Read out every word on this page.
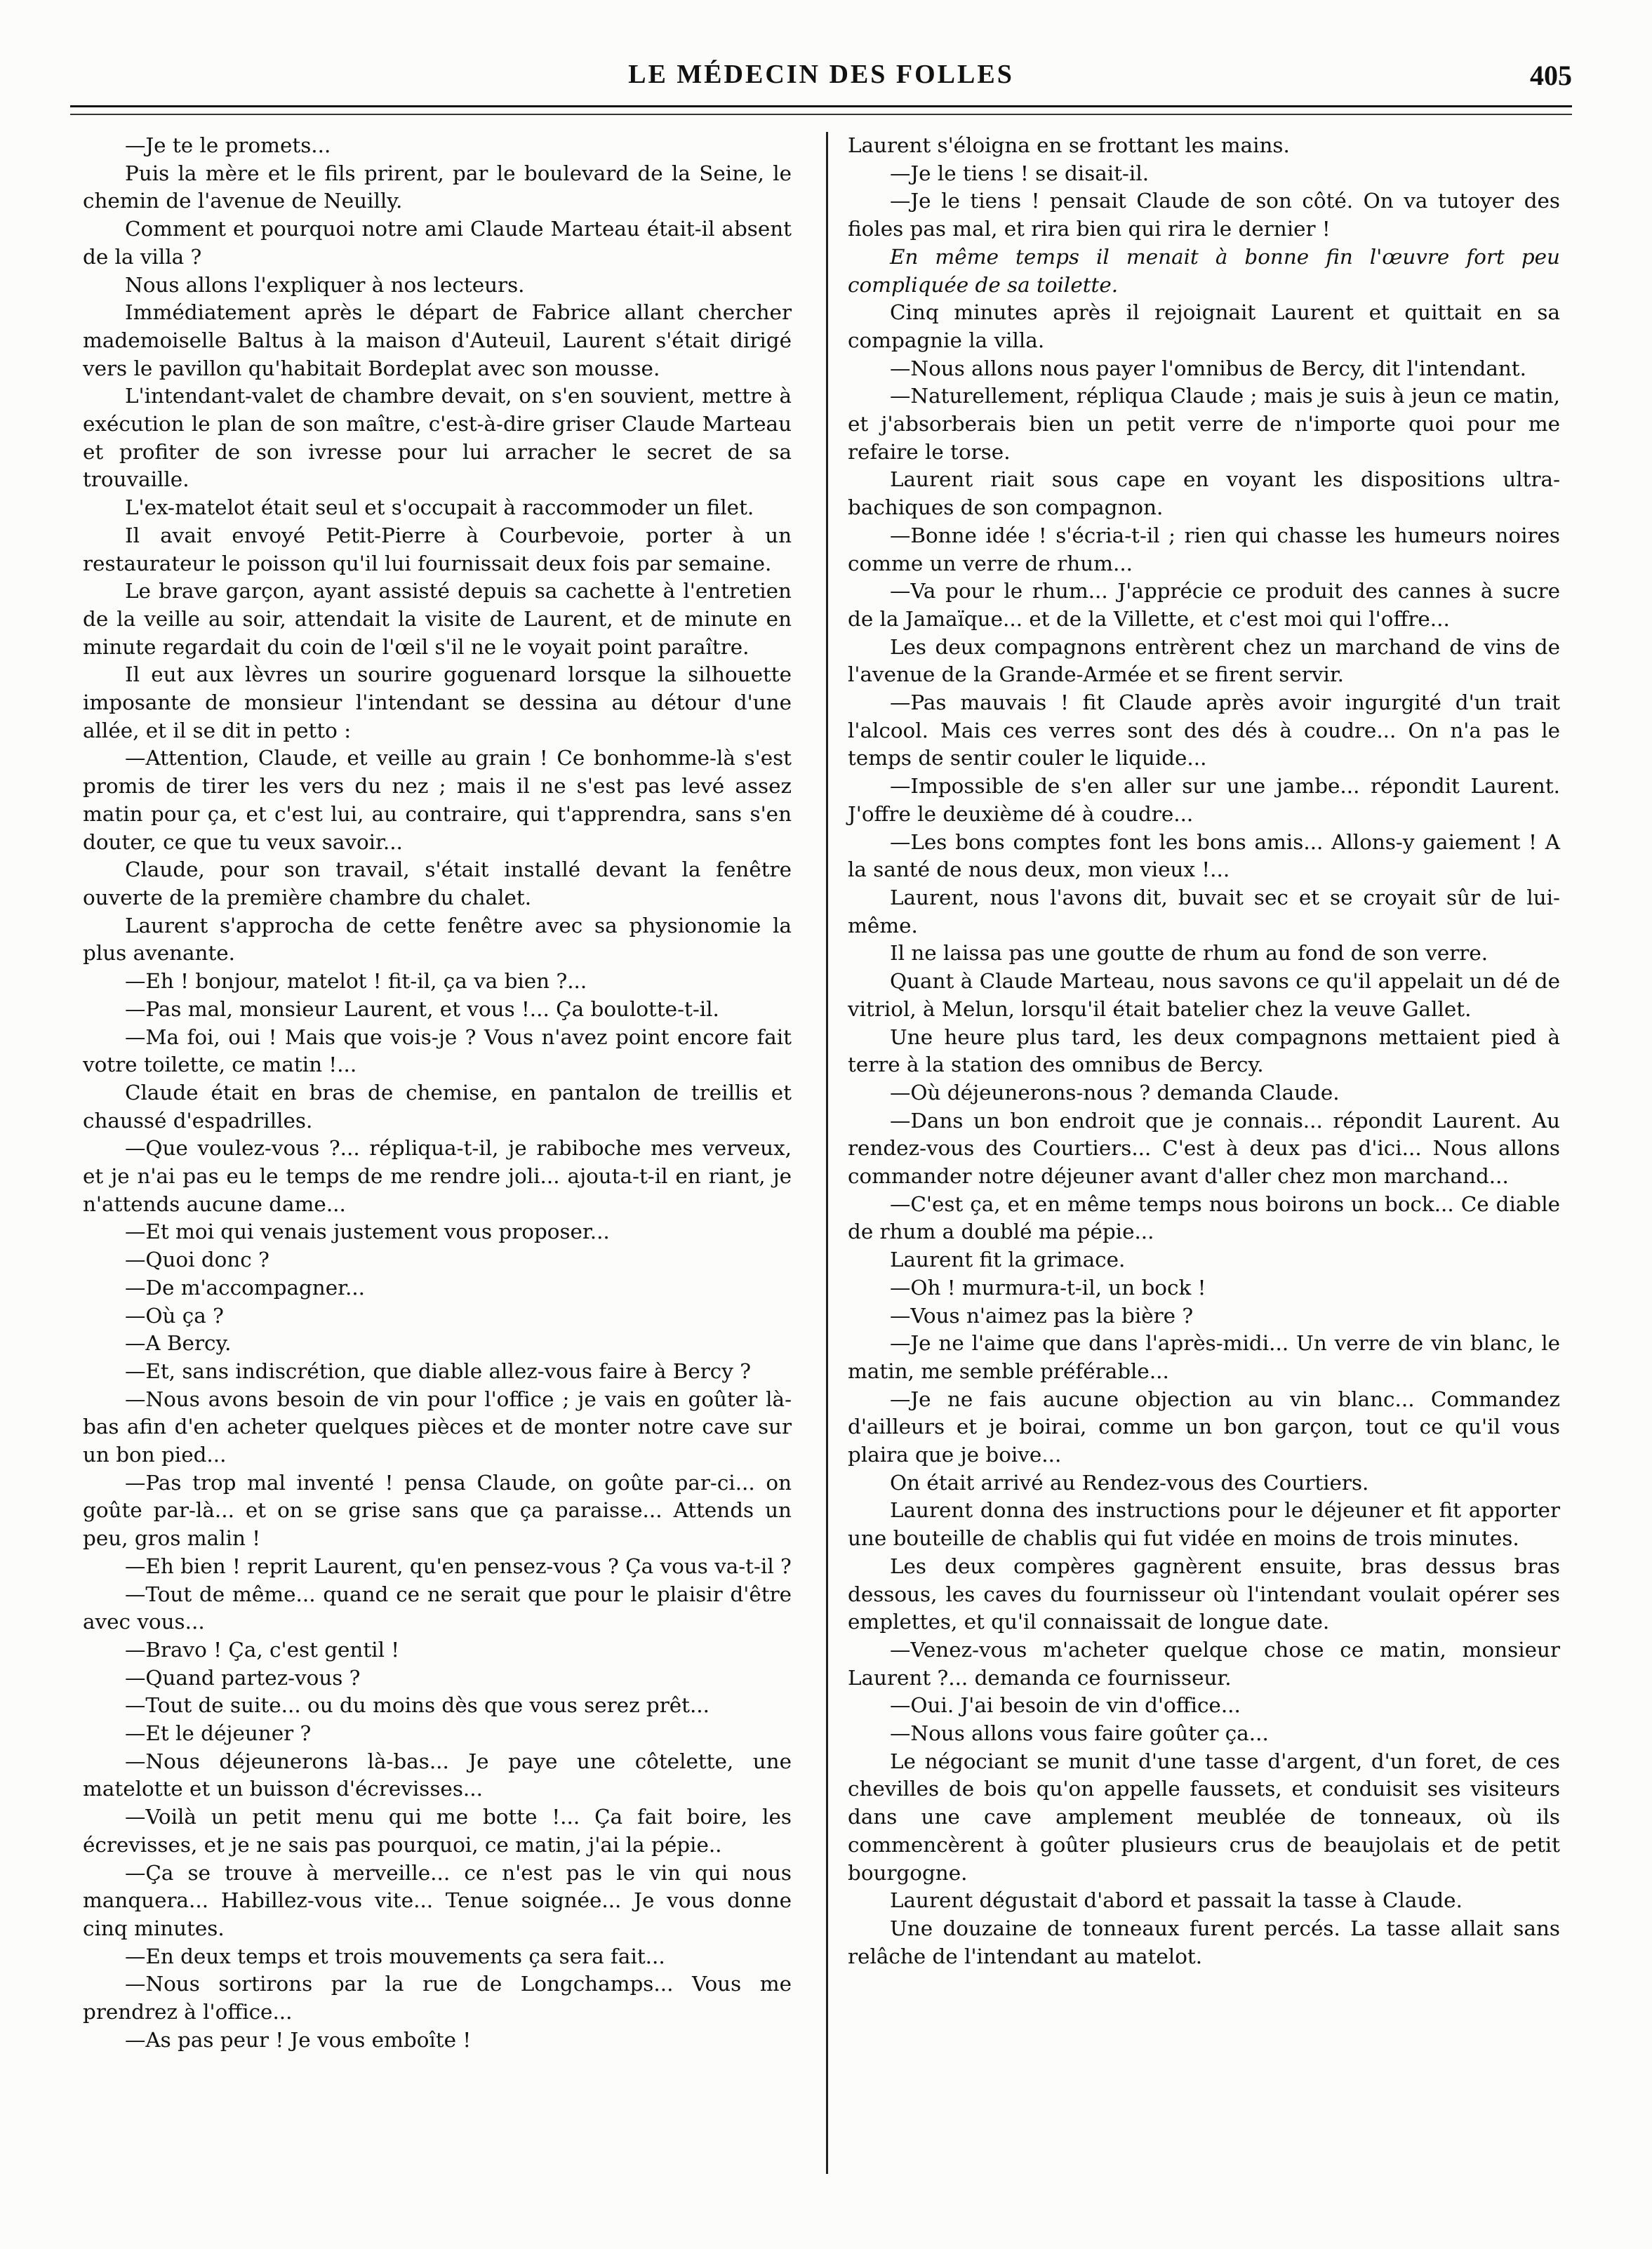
LE MÉDECIN DES FOLLES	405

—Je te le promets...

Puis la mère et le fils prirent, par le boulevard de la Seine, le chemin de l'avenue de Neuilly.

Comment et pourquoi notre ami Claude Marteau était-il absent de la villa ?

Nous allons l'expliquer à nos lecteurs.

Immédiatement après le départ de Fabrice allant chercher mademoiselle Baltus à la maison d'Auteuil, Laurent s'était dirigé vers le pavillon qu'habitait Bordeplat avec son mousse.

L'intendant-valet de chambre devait, on s'en souvient, mettre à exécution le plan de son maître, c'est-à-dire griser Claude Marteau et profiter de son ivresse pour lui arracher le secret de sa trouvaille.

L'ex-matelot était seul et s'occupait à raccommoder un filet.

Il avait envoyé Petit-Pierre à Courbevoie, porter à un restaurateur le poisson qu'il lui fournissait deux fois par semaine.

Le brave garçon, ayant assisté depuis sa cachette à l'entretien de la veille au soir, attendait la visite de Laurent, et de minute en minute regardait du coin de l'œil s'il ne le voyait point paraître.

Il eut aux lèvres un sourire goguenard lorsque la silhouette imposante de monsieur l'intendant se dessina au détour d'une allée, et il se dit in petto :

—Attention, Claude, et veille au grain ! Ce bonhomme-là s'est promis de tirer les vers du nez ; mais il ne s'est pas levé assez matin pour ça, et c'est lui, au contraire, qui t'apprendra, sans s'en douter, ce que tu veux savoir...

Claude, pour son travail, s'était installé devant la fenêtre ouverte de la première chambre du chalet.

Laurent s'approcha de cette fenêtre avec sa physionomie la plus avenante.

—Eh ! bonjour, matelot ! fit-il, ça va bien ?...

—Pas mal, monsieur Laurent, et vous !... Ça boulotte-t-il.

—Ma foi, oui ! Mais que vois-je ? Vous n'avez point encore fait votre toilette, ce matin !...

Claude était en bras de chemise, en pantalon de treillis et chaussé d'espadrilles.

—Que voulez-vous ?... répliqua-t-il, je rabiboche mes verveux, et je n'ai pas eu le temps de me rendre joli... ajouta-t-il en riant, je n'attends aucune dame...

—Et moi qui venais justement vous proposer...

—Quoi donc ?

—De m'accompagner...

—Où ça ?

—A Bercy.

—Et, sans indiscrétion, que diable allez-vous faire à Bercy ?

—Nous avons besoin de vin pour l'office ; je vais en goûter là-bas afin d'en acheter quelques pièces et de monter notre cave sur un bon pied...

—Pas trop mal inventé ! pensa Claude, on goûte par-ci... on goûte par-là... et on se grise sans que ça paraisse... Attends un peu, gros malin !

—Eh bien ! reprit Laurent, qu'en pensez-vous ? Ça vous va-t-il ?

—Tout de même... quand ce ne serait que pour le plaisir d'être avec vous...

—Bravo ! Ça, c'est gentil !

—Quand partez-vous ?

—Tout de suite... ou du moins dès que vous serez prêt...

—Et le déjeuner ?

—Nous déjeunerons là-bas... Je paye une côtelette, une matelotte et un buisson d'écrevisses...

—Voilà un petit menu qui me botte !... Ça fait boire, les écrevisses, et je ne sais pas pourquoi, ce matin, j'ai la pépie..

—Ça se trouve à merveille... ce n'est pas le vin qui nous manquera... Habillez-vous vite... Tenue soignée... Je vous donne cinq minutes.

—En deux temps et trois mouvements ça sera fait...

—Nous sortirons par la rue de Longchamps... Vous me prendrez à l'office...

—As pas peur ! Je vous emboîte !

Laurent s'éloigna en se frottant les mains.

—Je le tiens ! se disait-il.

—Je le tiens ! pensait Claude de son côté. On va tutoyer des fioles pas mal, et rira bien qui rira le dernier !

En même temps il menait à bonne fin l'œuvre fort peu compliquée de sa toilette.

Cinq minutes après il rejoignait Laurent et quittait en sa compagnie la villa.

—Nous allons nous payer l'omnibus de Bercy, dit l'intendant.

—Naturellement, répliqua Claude ; mais je suis à jeun ce matin, et j'absorberais bien un petit verre de n'importe quoi pour me refaire le torse.

Laurent riait sous cape en voyant les dispositions ultra-bachiques de son compagnon.

—Bonne idée ! s'écria-t-il ; rien qui chasse les humeurs noires comme un verre de rhum...

—Va pour le rhum... J'apprécie ce produit des cannes à sucre de la Jamaïque... et de la Villette, et c'est moi qui l'offre...

Les deux compagnons entrèrent chez un marchand de vins de l'avenue de la Grande-Armée et se firent servir.

—Pas mauvais ! fit Claude après avoir ingurgité d'un trait l'alcool. Mais ces verres sont des dés à coudre... On n'a pas le temps de sentir couler le liquide...

—Impossible de s'en aller sur une jambe... répondit Laurent. J'offre le deuxième dé à coudre...

—Les bons comptes font les bons amis... Allons-y gaiement ! A la santé de nous deux, mon vieux !...

Laurent, nous l'avons dit, buvait sec et se croyait sûr de lui-même.

Il ne laissa pas une goutte de rhum au fond de son verre.

Quant à Claude Marteau, nous savons ce qu'il appelait un dé de vitriol, à Melun, lorsqu'il était batelier chez la veuve Gallet.

Une heure plus tard, les deux compagnons mettaient pied à terre à la station des omnibus de Bercy.

—Où déjeunerons-nous ? demanda Claude.

—Dans un bon endroit que je connais... répondit Laurent. Au rendez-vous des Courtiers... C'est à deux pas d'ici... Nous allons commander notre déjeuner avant d'aller chez mon marchand...

—C'est ça, et en même temps nous boirons un bock... Ce diable de rhum a doublé ma pépie...

Laurent fit la grimace.

—Oh ! murmura-t-il, un bock !

—Vous n'aimez pas la bière ?

—Je ne l'aime que dans l'après-midi... Un verre de vin blanc, le matin, me semble préférable...

—Je ne fais aucune objection au vin blanc... Commandez d'ailleurs et je boirai, comme un bon garçon, tout ce qu'il vous plaira que je boive...

On était arrivé au Rendez-vous des Courtiers.

Laurent donna des instructions pour le déjeuner et fit apporter une bouteille de chablis qui fut vidée en moins de trois minutes.

Les deux compères gagnèrent ensuite, bras dessus bras dessous, les caves du fournisseur où l'intendant voulait opérer ses emplettes, et qu'il connaissait de longue date.

—Venez-vous m'acheter quelque chose ce matin, monsieur Laurent ?... demanda ce fournisseur.

—Oui. J'ai besoin de vin d'office...

—Nous allons vous faire goûter ça...

Le négociant se munit d'une tasse d'argent, d'un foret, de ces chevilles de bois qu'on appelle faussets, et conduisit ses visiteurs dans une cave amplement meublée de tonneaux, où ils commencèrent à goûter plusieurs crus de beaujolais et de petit bourgogne.

Laurent dégustait d'abord et passait la tasse à Claude.

Une douzaine de tonneaux furent percés. La tasse allait sans relâche de l'intendant au matelot.
